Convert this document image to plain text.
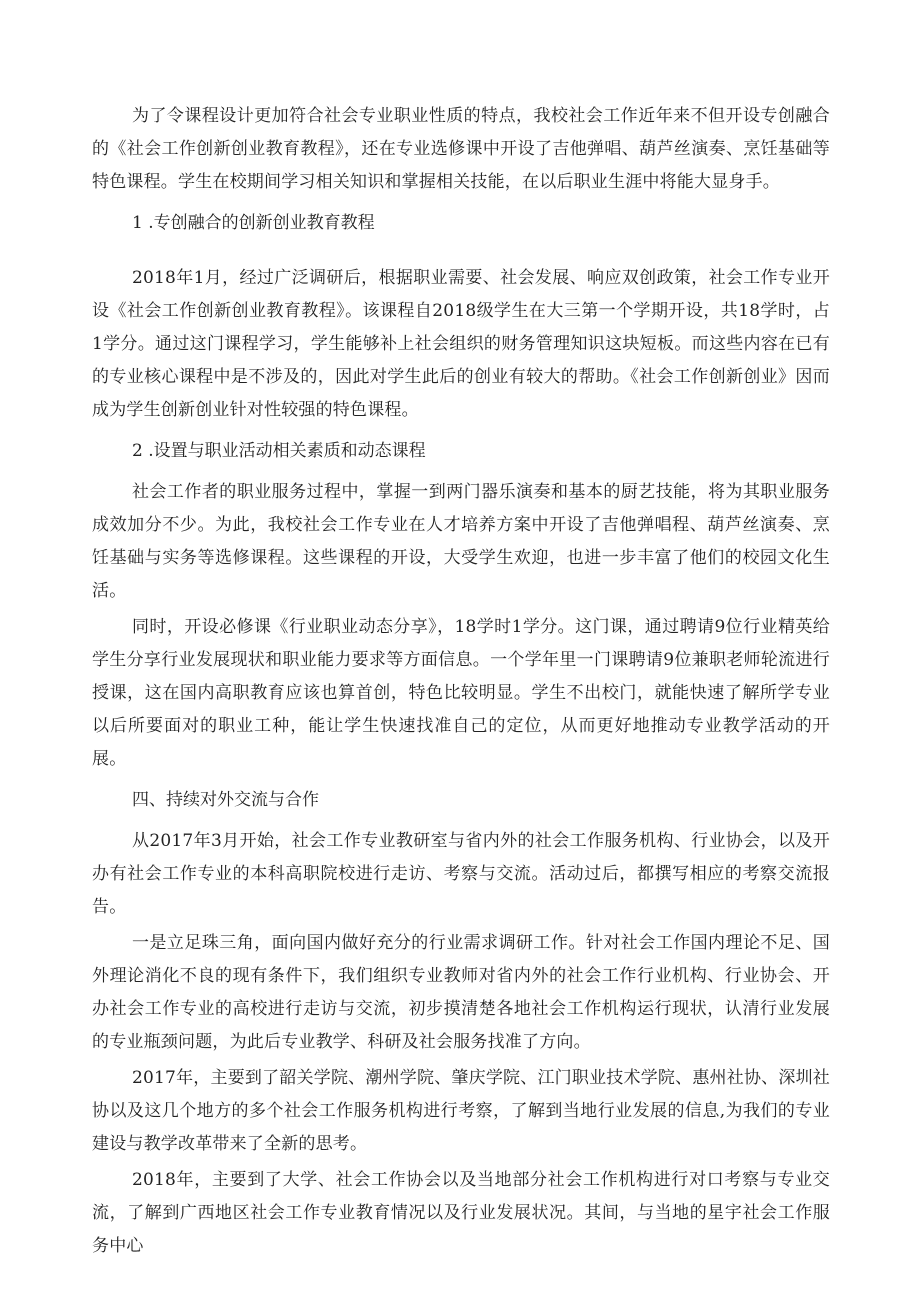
为了令课程设计更加符合社会专业职业性质的特点，我校社会工作近年来不但开设专创融合的《社会工作创新创业教育教程》，还在专业选修课中开设了吉他弹唱、葫芦丝演奏、烹饪基础等特色课程。学生在校期间学习相关知识和掌握相关技能，在以后职业生涯中将能大显身手。

1 .专创融合的创新创业教育教程

2018年1月，经过广泛调研后，根据职业需要、社会发展、响应双创政策，社会工作专业开设《社会工作创新创业教育教程》。该课程自2018级学生在大三第一个学期开设，共18学时，占1学分。通过这门课程学习，学生能够补上社会组织的财务管理知识这块短板。而这些内容在已有的专业核心课程中是不涉及的，因此对学生此后的创业有较大的帮助。《社会工作创新创业》因而成为学生创新创业针对性较强的特色课程。

2 .设置与职业活动相关素质和动态课程

社会工作者的职业服务过程中，掌握一到两门器乐演奏和基本的厨艺技能，将为其职业服务成效加分不少。为此，我校社会工作专业在人才培养方案中开设了吉他弹唱程、葫芦丝演奏、烹饪基础与实务等选修课程。这些课程的开设，大受学生欢迎，也进一步丰富了他们的校园文化生活。

同时，开设必修课《行业职业动态分享》，18学时1学分。这门课，通过聘请9位行业精英给学生分享行业发展现状和职业能力要求等方面信息。一个学年里一门课聘请9位兼职老师轮流进行授课，这在国内高职教育应该也算首创，特色比较明显。学生不出校门，就能快速了解所学专业以后所要面对的职业工种，能让学生快速找准自己的定位，从而更好地推动专业教学活动的开展。

四、持续对外交流与合作

从2017年3月开始，社会工作专业教研室与省内外的社会工作服务机构、行业协会，以及开办有社会工作专业的本科高职院校进行走访、考察与交流。活动过后，都撰写相应的考察交流报告。

一是立足珠三角，面向国内做好充分的行业需求调研工作。针对社会工作国内理论不足、国外理论消化不良的现有条件下，我们组织专业教师对省内外的社会工作行业机构、行业协会、开办社会工作专业的高校进行走访与交流，初步摸清楚各地社会工作机构运行现状，认清行业发展的专业瓶颈问题，为此后专业教学、科研及社会服务找准了方向。

2017年，主要到了韶关学院、潮州学院、肇庆学院、江门职业技术学院、惠州社协、深圳社协以及这几个地方的多个社会工作服务机构进行考察，了解到当地行业发展的信息,为我们的专业建设与教学改革带来了全新的思考。

2018年，主要到了大学、社会工作协会以及当地部分社会工作机构进行对口考察与专业交流，了解到广西地区社会工作专业教育情况以及行业发展状况。其间，与当地的星宇社会工作服务中心
